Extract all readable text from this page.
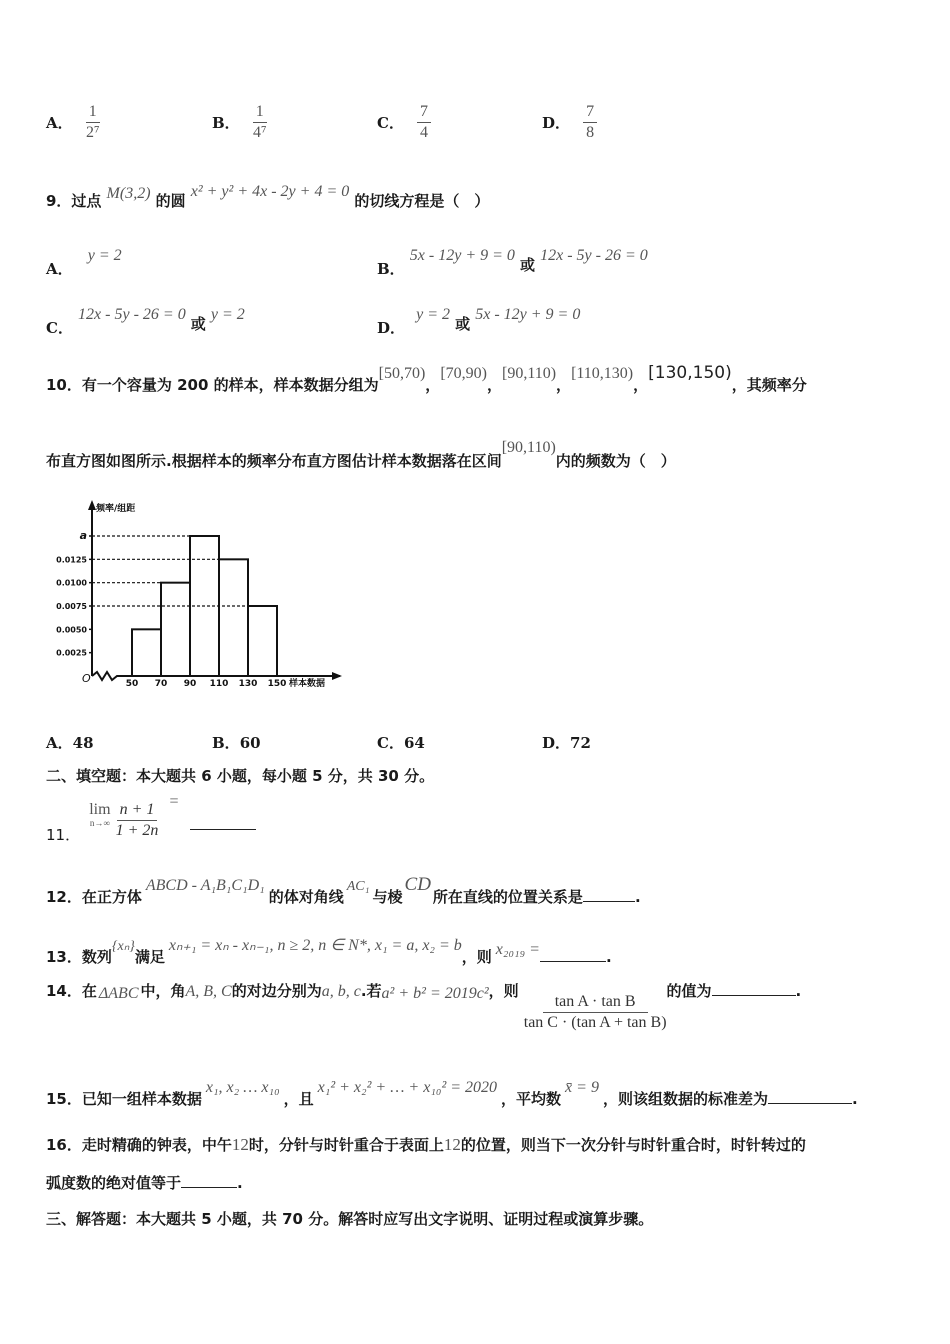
A． $\frac{1}{\text{2⁷}}$	B． $\frac{1}{\text{4⁷}}$	C． $\frac{7}{4}$	D． $\frac{7}{8}$
9．过点 M(3,2) 的圆 x² + y² + 4x - 2y + 4 = 0 的切线方程是（　）
A． y = 2
B． 5x - 12y + 9 = 0 或 12x - 5y - 26 = 0
C． 12x - 5y - 26 = 0 或 y = 2
D． y = 2 或 5x - 12y + 9 = 0
10．有一个容量为 200 的样本，样本数据分组为[50,70)，[70,90)，[90,110)，[110,130)，[130,150)，其频率分
布直方图如图所示.根据样本的频率分布直方图估计样本数据落在区间[90,110)内的频数为（　）
频率/组距
O	样本数据
0.0025
0.0050
0.0075
0.0100
0.0125
a
50 70 90 110 130 150
A．48	B．60	C．64	D．72
二、填空题：本大题共 6 小题，每小题 5 分，共 30 分。
11．
lim
n→∞
$\frac{n + 1}{1 + 2n}$ =
12．在正方体ABCD - A₁B₁C₁D₁的体对角线AC₁与棱CD所在直线的位置关系是	.
13．数列{xₙ}满足xₙ₊₁ = xₙ - xₙ₋₁, n ≥ 2, n ∈ N*, x₁ = a, x₂ = b，则 x₂₀₁₉ =	.
14．在 ΔABC 中，角A, B, C的对边分别为a, b, c.若a² + b² = 2019c²，则
$\frac{\text{tan A · tan B}}{\text{tan C · (tan A + tan B)}}$
的值为	.
15．已知一组样本数据x₁, x₂ … x₁₀，且x₁² + x₂² + … + x₁₀² = 2020，平均数x̄ = 9，则该组数据的标准差为	.
16．走时精确的钟表，中午12时，分针与时针重合于表面上12的位置，则当下一次分针与时针重合时，时针转过的
弧度数的绝对值等于	.
三、解答题：本大题共 5 小题，共 70 分。解答时应写出文字说明、证明过程或演算步骤。
